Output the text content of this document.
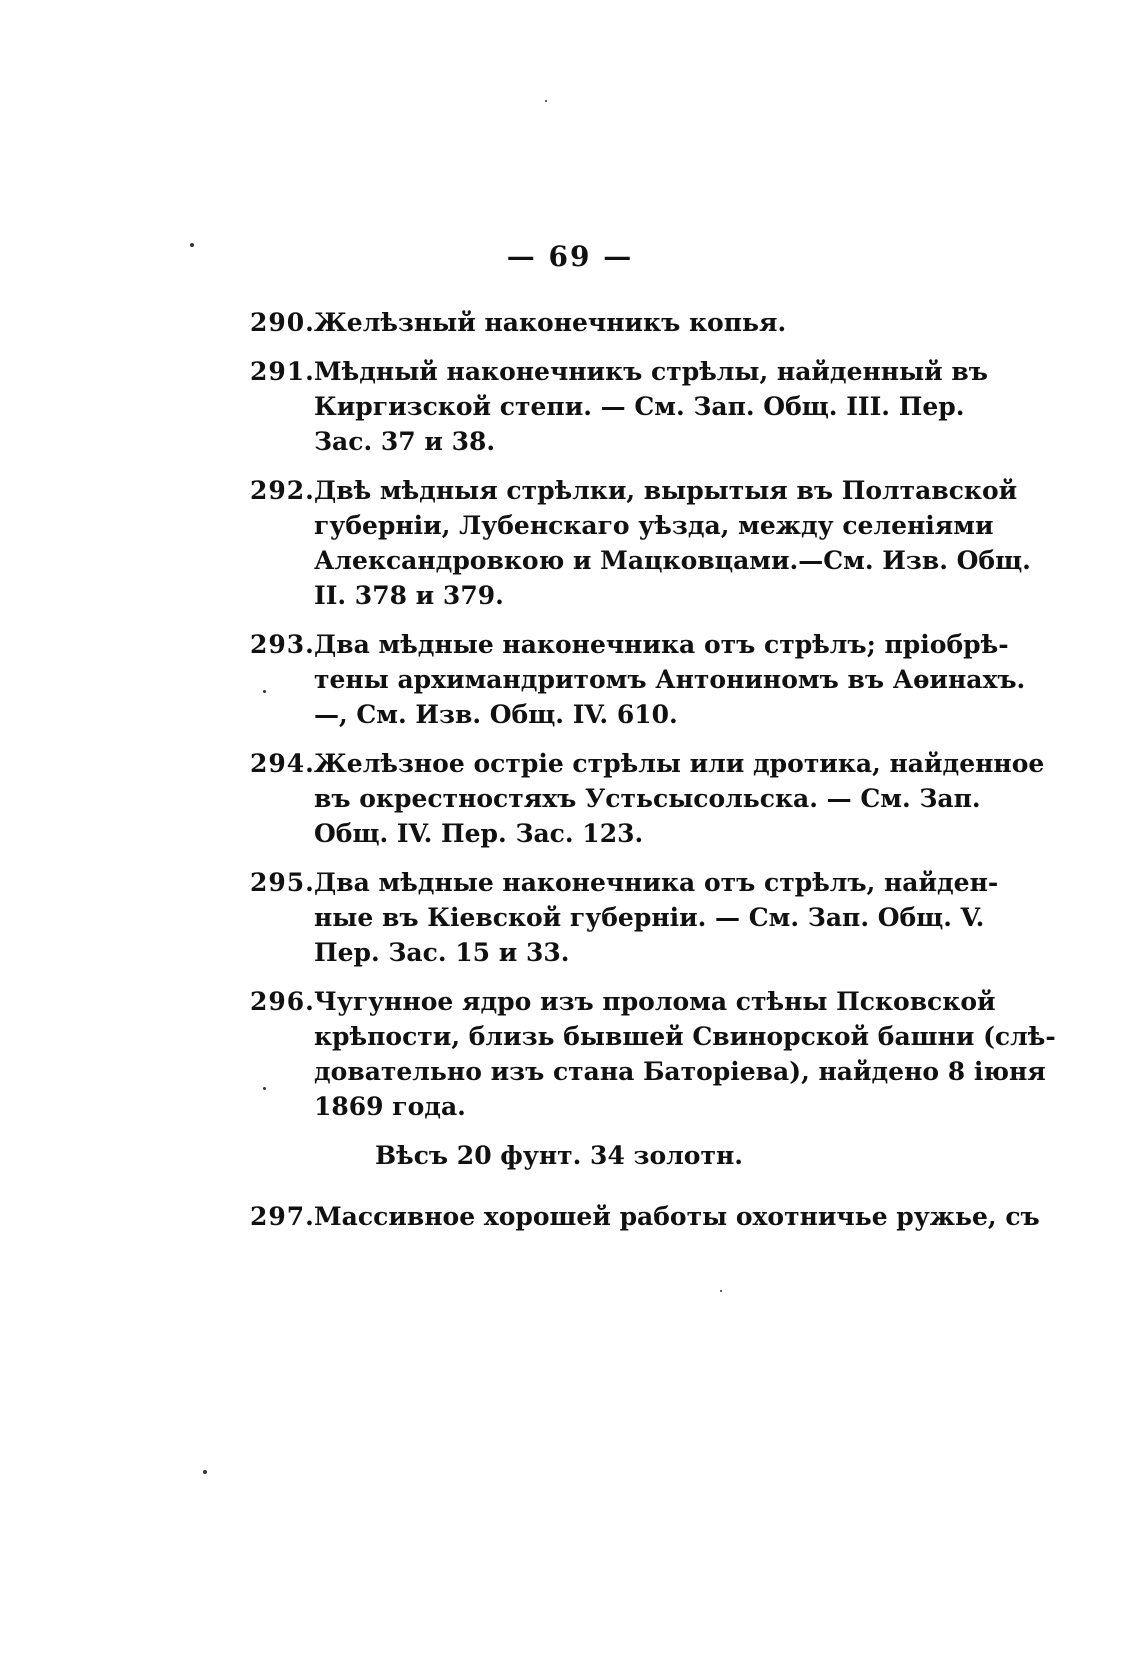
— 69 —
290. Желѣзный наконечникъ копья.
291. Мѣдный наконечникъ стрѣлы, найденный въ
Киргизской степи. — См. Зап. Общ. III. Пер.
Зас. 37 и 38.
292. Двѣ мѣдныя стрѣлки, вырытыя въ Полтавской
губерніи, Лубенскаго уѣзда, между селеніями
Александровкою и Мацковцами.—См. Изв. Общ.
II. 378 и 379.
293. Два мѣдные наконечника отъ стрѣлъ; пріобрѣ-
тены архимандритомъ Антониномъ въ Аѳинахъ.
—, См. Изв. Общ. IV. 610.
294. Желѣзное остріе стрѣлы или дротика, найденное
въ окрестностяхъ Устьсысольска. — См. Зап.
Общ. IV. Пер. Зас. 123.
295. Два мѣдные наконечника отъ стрѣлъ, найден-
ные въ Кіевской губерніи. — См. Зап. Общ. V.
Пер. Зас. 15 и 33.
296. Чугунное ядро изъ пролома стѣны Псковской
крѣпости, близь бывшей Свинорской башни (слѣ-
довательно изъ стана Баторіева), найдено 8 іюня
1869 года.
Вѣсъ 20 фунт. 34 золотн.
297. Массивное хорошей работы охотничье ружье, съ
